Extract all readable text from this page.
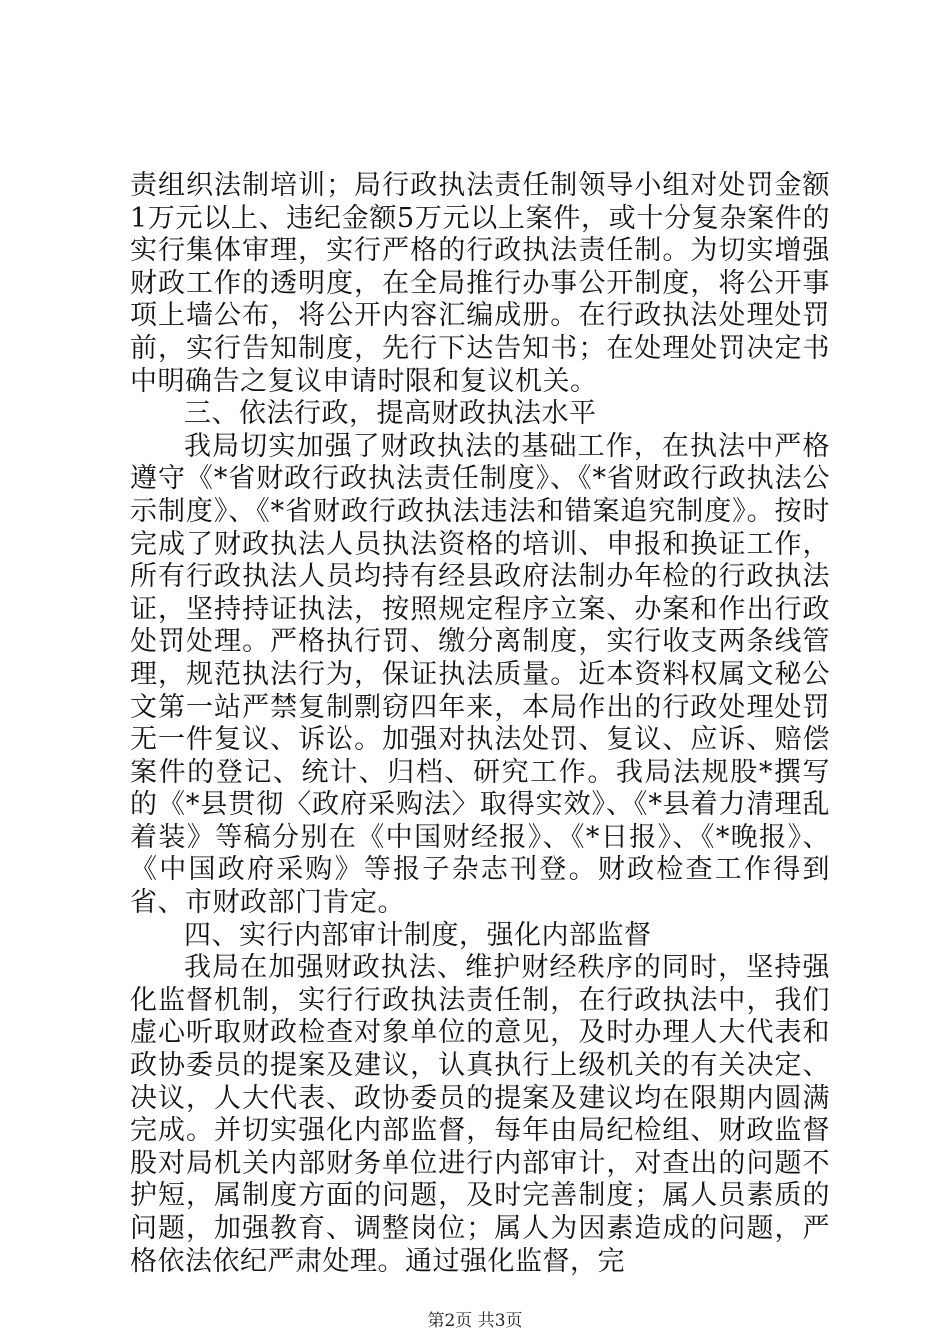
责组织法制培训；局行政执法责任制领导小组对处罚金额1万元以上、违纪金额5万元以上案件，或十分复杂案件的实行集体审理，实行严格的行政执法责任制。为切实增强财政工作的透明度，在全局推行办事公开制度，将公开事项上墙公布，将公开内容汇编成册。在行政执法处理处罚前，实行告知制度，先行下达告知书；在处理处罚决定书中明确告之复议申请时限和复议机关。

三、依法行政，提高财政执法水平

我局切实加强了财政执法的基础工作，在执法中严格遵守《*省财政行政执法责任制度》、《*省财政行政执法公示制度》、《*省财政行政执法违法和错案追究制度》。按时完成了财政执法人员执法资格的培训、申报和换证工作，所有行政执法人员均持有经县政府法制办年检的行政执法证，坚持持证执法，按照规定程序立案、办案和作出行政处罚处理。严格执行罚、缴分离制度，实行收支两条线管理，规范执法行为，保证执法质量。近本资料权属文秘公文第一站严禁复制剽窃四年来，本局作出的行政处理处罚无一件复议、诉讼。加强对执法处罚、复议、应诉、赔偿案件的登记、统计、归档、研究工作。我局法规股*撰写的《*县贯彻〈政府采购法〉取得实效》、《*县着力清理乱着装》等稿分别在《中国财经报》、《*日报》、《*晚报》、《中国政府采购》等报子杂志刊登。财政检查工作得到省、市财政部门肯定。

四、实行内部审计制度，强化内部监督

我局在加强财政执法、维护财经秩序的同时，坚持强化监督机制，实行行政执法责任制，在行政执法中，我们虚心听取财政检查对象单位的意见，及时办理人大代表和政协委员的提案及建议，认真执行上级机关的有关决定、决议，人大代表、政协委员的提案及建议均在限期内圆满完成。并切实强化内部监督，每年由局纪检组、财政监督股对局机关内部财务单位进行内部审计，对查出的问题不护短，属制度方面的问题，及时完善制度；属人员素质的问题，加强教育、调整岗位；属人为因素造成的问题，严格依法依纪严肃处理。通过强化监督，完

第2页 共3页
